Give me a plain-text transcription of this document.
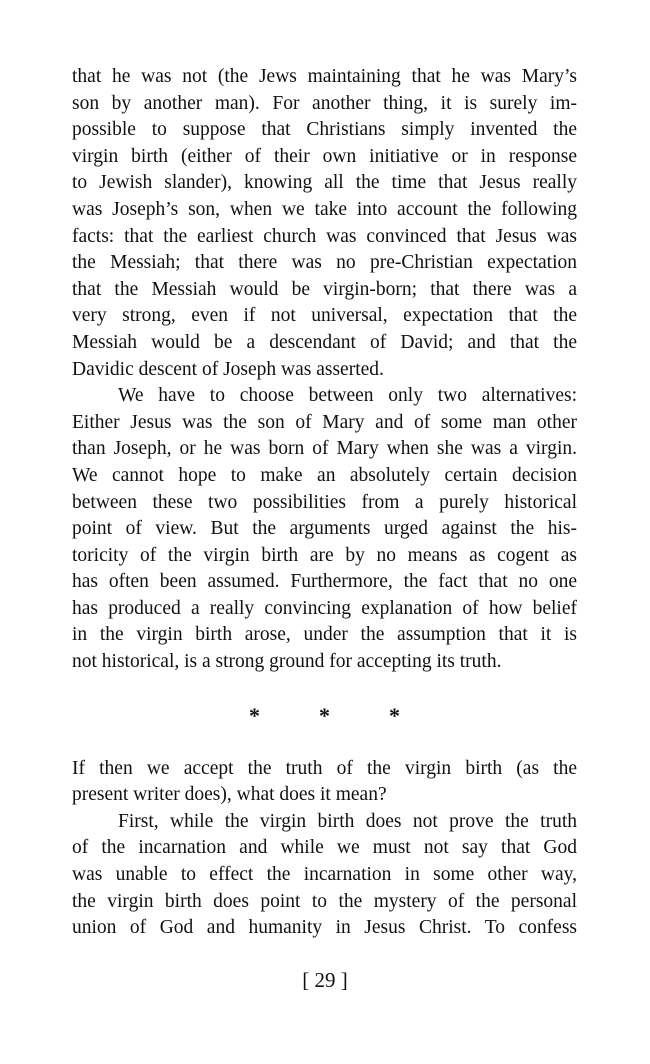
that he was not (the Jews maintaining that he was Mary’s
son by another man). For another thing, it is surely im-
possible to suppose that Christians simply invented the
virgin birth (either of their own initiative or in response
to Jewish slander), knowing all the time that Jesus really
was Joseph’s son, when we take into account the following
facts: that the earliest church was convinced that Jesus was
the Messiah; that there was no pre-Christian expectation
that the Messiah would be virgin-born; that there was a
very strong, even if not universal, expectation that the
Messiah would be a descendant of David; and that the
Davidic descent of Joseph was asserted.
We have to choose between only two alternatives:
Either Jesus was the son of Mary and of some man other
than Joseph, or he was born of Mary when she was a virgin.
We cannot hope to make an absolutely certain decision
between these two possibilities from a purely historical
point of view. But the arguments urged against the his-
toricity of the virgin birth are by no means as cogent as
has often been assumed. Furthermore, the fact that no one
has produced a really convincing explanation of how belief
in the virgin birth arose, under the assumption that it is
not historical, is a strong ground for accepting its truth.
*	*	*
If then we accept the truth of the virgin birth (as the
present writer does), what does it mean?
First, while the virgin birth does not prove the truth
of the incarnation and while we must not say that God
was unable to effect the incarnation in some other way,
the virgin birth does point to the mystery of the personal
union of God and humanity in Jesus Christ. To confess
[ 29 ]
